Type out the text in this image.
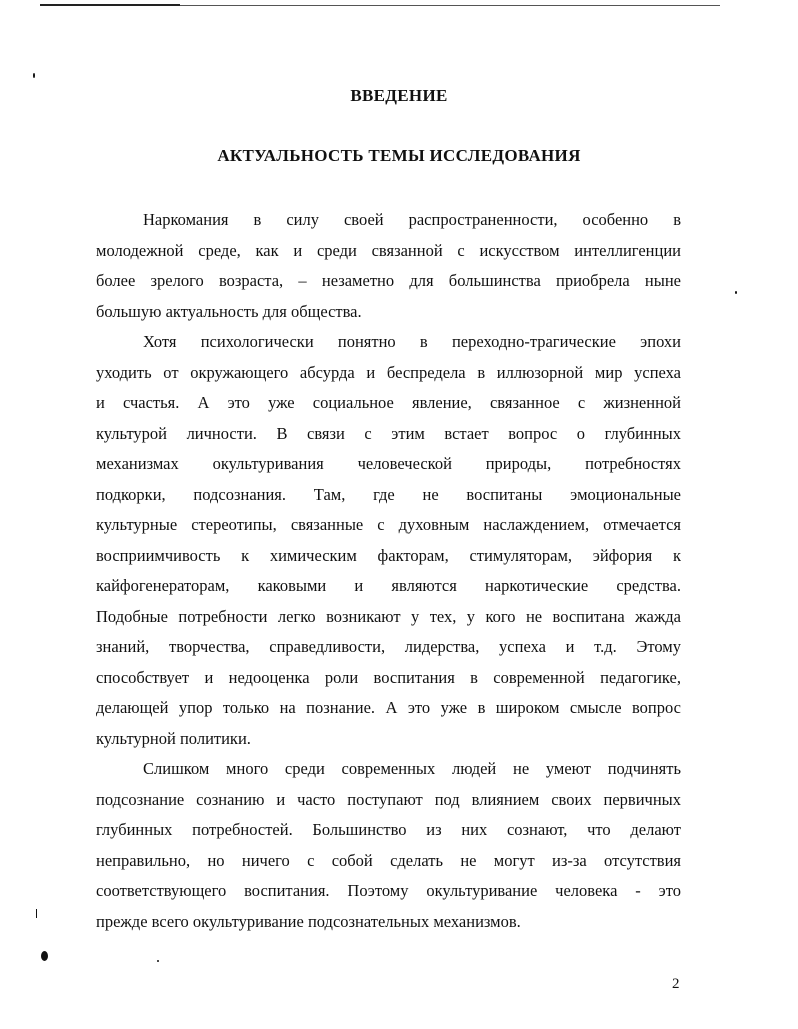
ВВЕДЕНИЕ
АКТУАЛЬНОСТЬ ТЕМЫ ИССЛЕДОВАНИЯ
Наркомания в силу своей распространенности, особенно в
молодежной среде, как и среди связанной с искусством интеллигенции
более зрелого возраста, – незаметно для большинства приобрела ныне
большую актуальность для общества.
Хотя психологически понятно в переходно-трагические эпохи
уходить от окружающего абсурда и беспредела в иллюзорной мир успеха
и счастья. А это уже социальное явление, связанное с жизненной
культурой личности. В связи с этим встает вопрос о глубинных
механизмах окультуривания человеческой природы, потребностях
подкорки, подсознания. Там, где не воспитаны эмоциональные
культурные стереотипы, связанные с духовным наслаждением, отмечается
восприимчивость к химическим факторам, стимуляторам, эйфория к
кайфогенераторам, каковыми и являются наркотические средства.
Подобные потребности легко возникают у тех, у кого не воспитана жажда
знаний, творчества, справедливости, лидерства, успеха и т.д. Этому
способствует и недооценка роли воспитания в современной педагогике,
делающей упор только на познание. А это уже в широком смысле вопрос
культурной политики.
Слишком много среди современных людей не умеют подчинять
подсознание сознанию и часто поступают под влиянием своих первичных
глубинных потребностей. Большинство из них сознают, что делают
неправильно, но ничего с собой сделать не могут из-за отсутствия
соответствующего воспитания. Поэтому окультуривание человека - это
прежде всего окультуривание подсознательных механизмов.
2
